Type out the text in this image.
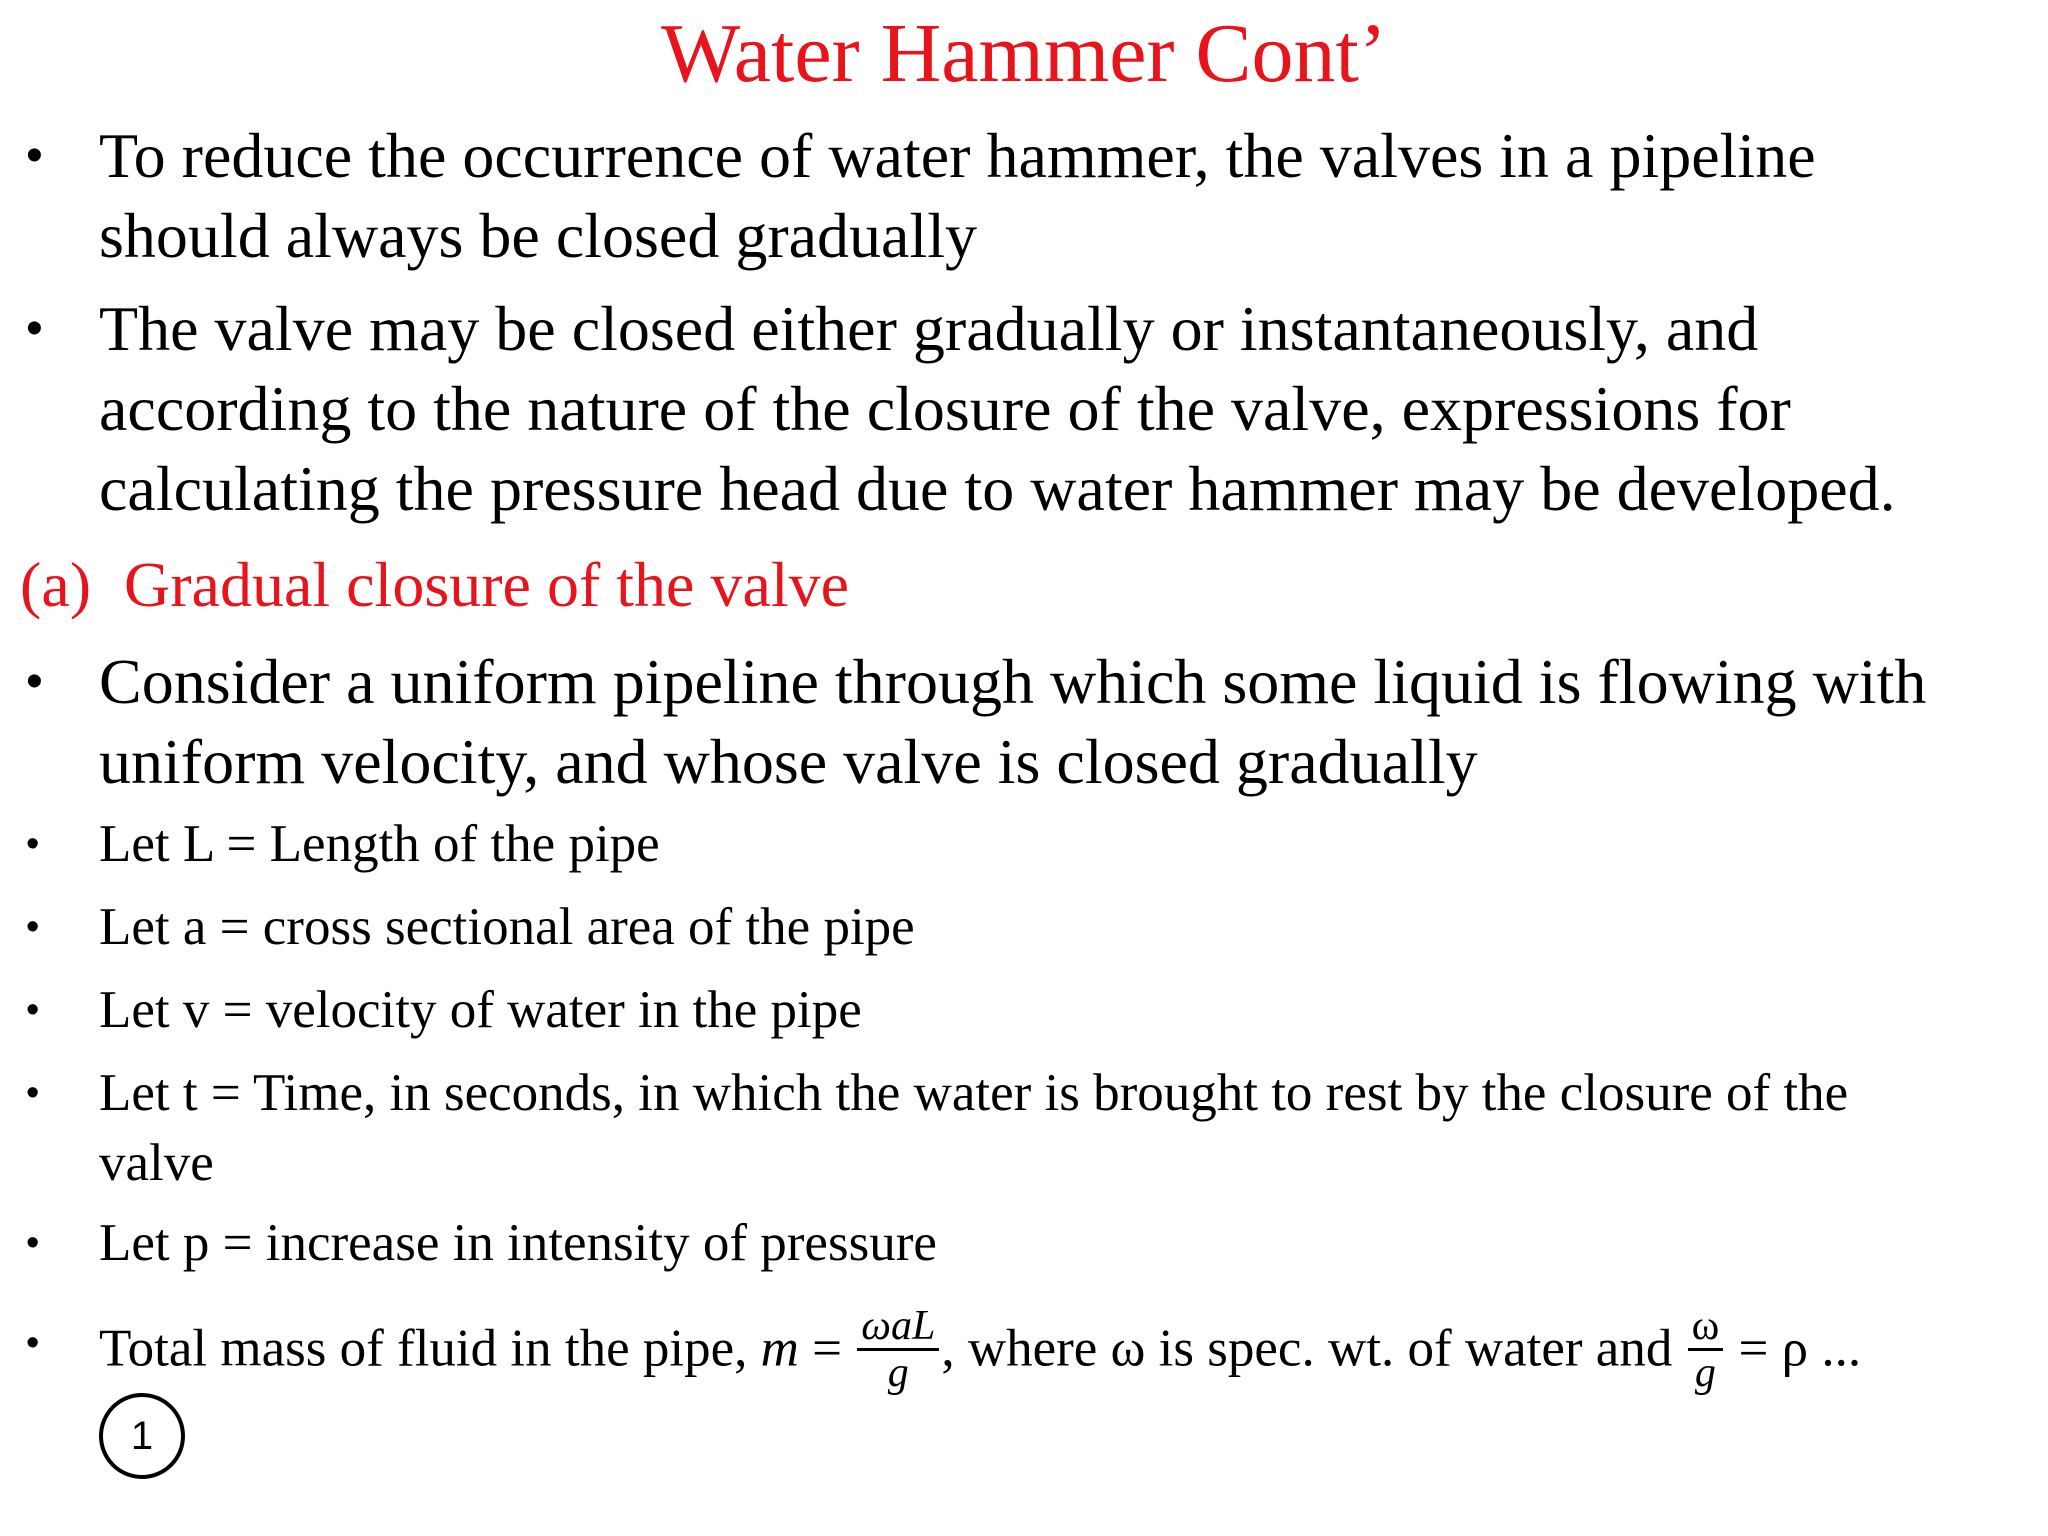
Water Hammer Cont’
• To reduce the occurrence of water hammer, the valves in a pipeline
should always be closed gradually
• The valve may be closed either gradually or instantaneously, and
according to the nature of the closure of the valve, expressions for
calculating the pressure head due to water hammer may be developed.
(a) Gradual closure of the valve
• Consider a uniform pipeline through which some liquid is flowing with
uniform velocity, and whose valve is closed gradually
• Let L = Length of the pipe
• Let a = cross sectional area of the pipe
• Let v = velocity of water in the pipe
• Let t = Time, in seconds, in which the water is brought to rest by the closure of the
valve
• Let p = increase in intensity of pressure
• Total mass of fluid in the pipe, $m = \frac{\text{ωaL}}{g}$ , where ω is spec. wt. of water and $\frac{\omega}{g} = \rho$ ...
1
